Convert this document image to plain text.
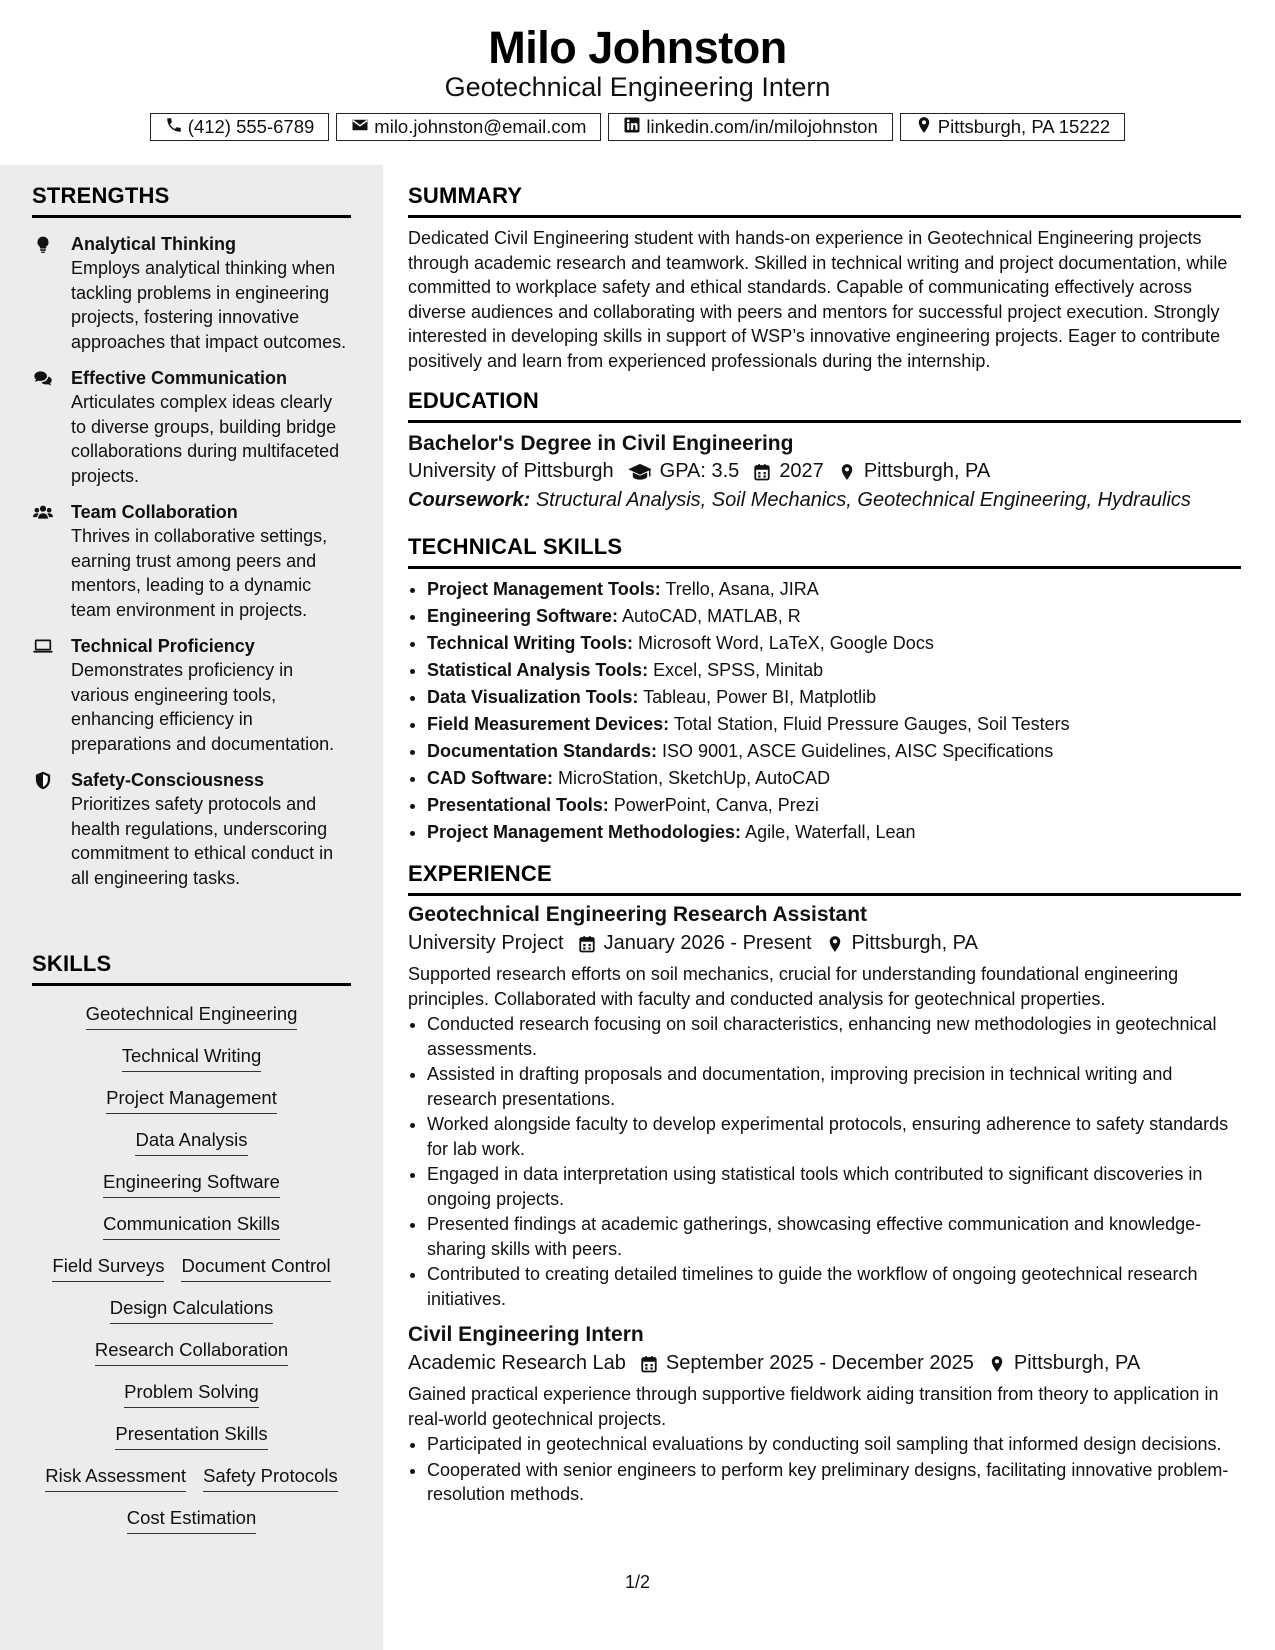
Milo Johnston
Geotechnical Engineering Intern
(412) 555-6789	milo.johnston@email.com	linkedin.com/in/milojohnston	Pittsburgh, PA 15222
STRENGTHS
Analytical Thinking
Employs analytical thinking when tackling problems in engineering projects, fostering innovative approaches that impact outcomes.
Effective Communication
Articulates complex ideas clearly to diverse groups, building bridge collaborations during multifaceted projects.
Team Collaboration
Thrives in collaborative settings, earning trust among peers and mentors, leading to a dynamic team environment in projects.
Technical Proficiency
Demonstrates proficiency in various engineering tools, enhancing efficiency in preparations and documentation.
Safety-Consciousness
Prioritizes safety protocols and health regulations, underscoring commitment to ethical conduct in all engineering tasks.
SKILLS
Geotechnical Engineering
Technical Writing
Project Management
Data Analysis
Engineering Software
Communication Skills
Field Surveys Document Control
Design Calculations
Research Collaboration
Problem Solving
Presentation Skills
Risk Assessment Safety Protocols
Cost Estimation
SUMMARY
Dedicated Civil Engineering student with hands-on experience in Geotechnical Engineering projects through academic research and teamwork. Skilled in technical writing and project documentation, while committed to workplace safety and ethical standards. Capable of communicating effectively across diverse audiences and collaborating with peers and mentors for successful project execution. Strongly interested in developing skills in support of WSP’s innovative engineering projects. Eager to contribute positively and learn from experienced professionals during the internship.
EDUCATION
Bachelor's Degree in Civil Engineering
University of Pittsburgh GPA: 3.5 2027 Pittsburgh, PA
Coursework: Structural Analysis, Soil Mechanics, Geotechnical Engineering, Hydraulics
TECHNICAL SKILLS
• Project Management Tools: Trello, Asana, JIRA
• Engineering Software: AutoCAD, MATLAB, R
• Technical Writing Tools: Microsoft Word, LaTeX, Google Docs
• Statistical Analysis Tools: Excel, SPSS, Minitab
• Data Visualization Tools: Tableau, Power BI, Matplotlib
• Field Measurement Devices: Total Station, Fluid Pressure Gauges, Soil Testers
• Documentation Standards: ISO 9001, ASCE Guidelines, AISC Specifications
• CAD Software: MicroStation, SketchUp, AutoCAD
• Presentational Tools: PowerPoint, Canva, Prezi
• Project Management Methodologies: Agile, Waterfall, Lean
EXPERIENCE
Geotechnical Engineering Research Assistant
University Project January 2026 - Present Pittsburgh, PA
Supported research efforts on soil mechanics, crucial for understanding foundational engineering principles. Collaborated with faculty and conducted analysis for geotechnical properties.
• Conducted research focusing on soil characteristics, enhancing new methodologies in geotechnical assessments.
• Assisted in drafting proposals and documentation, improving precision in technical writing and research presentations.
• Worked alongside faculty to develop experimental protocols, ensuring adherence to safety standards for lab work.
• Engaged in data interpretation using statistical tools which contributed to significant discoveries in ongoing projects.
• Presented findings at academic gatherings, showcasing effective communication and knowledge-sharing skills with peers.
• Contributed to creating detailed timelines to guide the workflow of ongoing geotechnical research initiatives.
Civil Engineering Intern
Academic Research Lab September 2025 - December 2025 Pittsburgh, PA
Gained practical experience through supportive fieldwork aiding transition from theory to application in real-world geotechnical projects.
• Participated in geotechnical evaluations by conducting soil sampling that informed design decisions.
• Cooperated with senior engineers to perform key preliminary designs, facilitating innovative problem-resolution methods.
1/2
